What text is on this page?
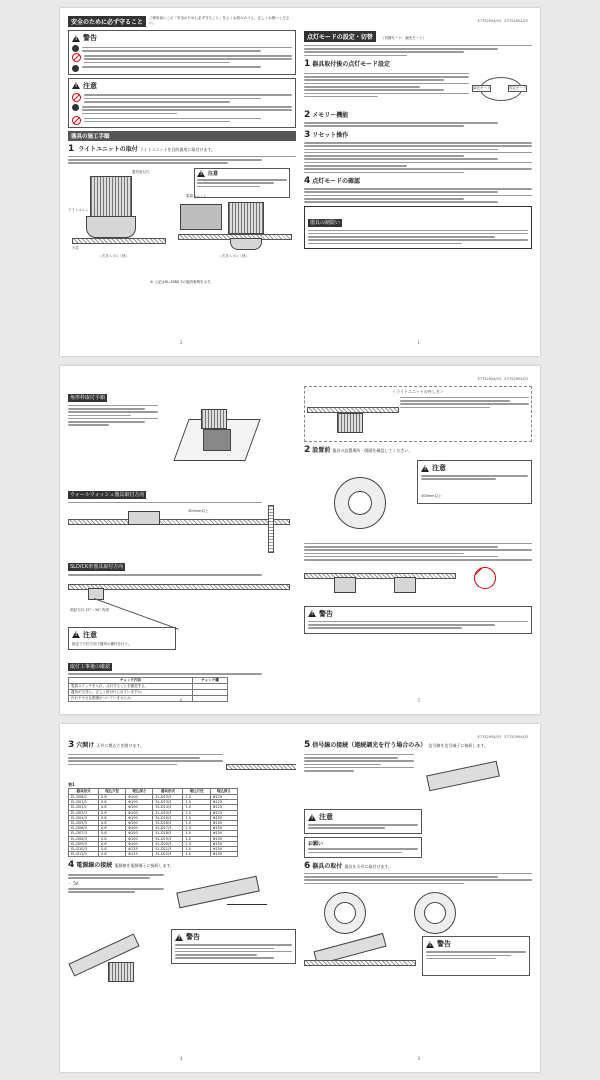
安全のために必ず守ること
ご使用前にこの「安全のために必ず守ること」をよくお読みのうえ、正しくお使いください。
!
警告
!
注意
器具の施工手順
1 ライトユニットの取付 ライトユニットを目的器用に取付けます。
器具取付穴
ライトユニット
電源ユニット
天井
〈天井へ の〉（別）	〈天井へ の〉（別）
!
注意
※ 上記はSL-3580 7の施設案例を示す。
2
E7752954/03　E7752954/03
点灯モードの設定・切替 （初期モード：調光モード）
1 器具取付後の点灯モード設定
調光モード	固定モード
2 メモリー機能
3 リセット操作
4 点灯モードの確認
器具の制限い
1
角形枠取付手順
ウォールウォッシュ器具取付方向
300mm以上
SLD/CK形器具取付方向
照射方向 15°〜30° 程度
!
注意
指定で方位方向で器具の操作を行う。
取付工事後の確認
チェック内容	チェック欄
電源スイッチを入れ、点灯することを確認する。	
器具が天井に、正しく取付けられていますか。	
汚れや小さな損傷がついていませんか。	
6
E7752954/03　E7752954/03
＜ライトユニットの外し方＞
2 設置前 器具の設置場所・間隔を確認してください。
!
注意
300mm以上
!
警告
5
3 穴開け 天井に埋込穴を開けます。
表1
器具形式	埋込穴径	埋込深さ	器具形式	埋込穴径	埋込深さ
EL-D08/1	0.8	Φ100	EL-D13/3	1.0	Φ125
EL-D01/1	0.8	Φ100	EL-D13/3	1.0	Φ125
EL-D02/1	0.8	Φ100	EL-D14/3	1.0	Φ125
EL-D03/3	0.8	Φ100	EL-D15/3	1.0	Φ125
EL-D04/3	0.8	Φ100	EL-D15/3	1.0	Φ150
EL-D05/3	0.8	Φ100	EL-D16/3	1.0	Φ150
EL-D06/3	0.8	Φ100	EL-D17/3	1.0	Φ150
EL-D07/3	0.8	Φ100	EL-D18/3	1.0	Φ150
EL-D08/3	0.8	Φ100	EL-D19/3	1.0	Φ150
EL-D09/3	0.8	Φ100	EL-D20/3	1.0	Φ150
EL-D10/3	0.8	Φ125	EL-D21/3	1.0	Φ150
EL-D11/3	0.8	Φ125	EL-D22/3	1.0	Φ150
4 電源線の接続 電源線を電源端子に接続します。
・ 5A
!
警告
4
E7752954/03　E7752954/03
5 信号線の接続（連続調光を行う場合のみ） 信号線を信号端子に接続します。
!
注意
お願い
6 器具の取付 器具を天井に取付けます。
!
警告
3
